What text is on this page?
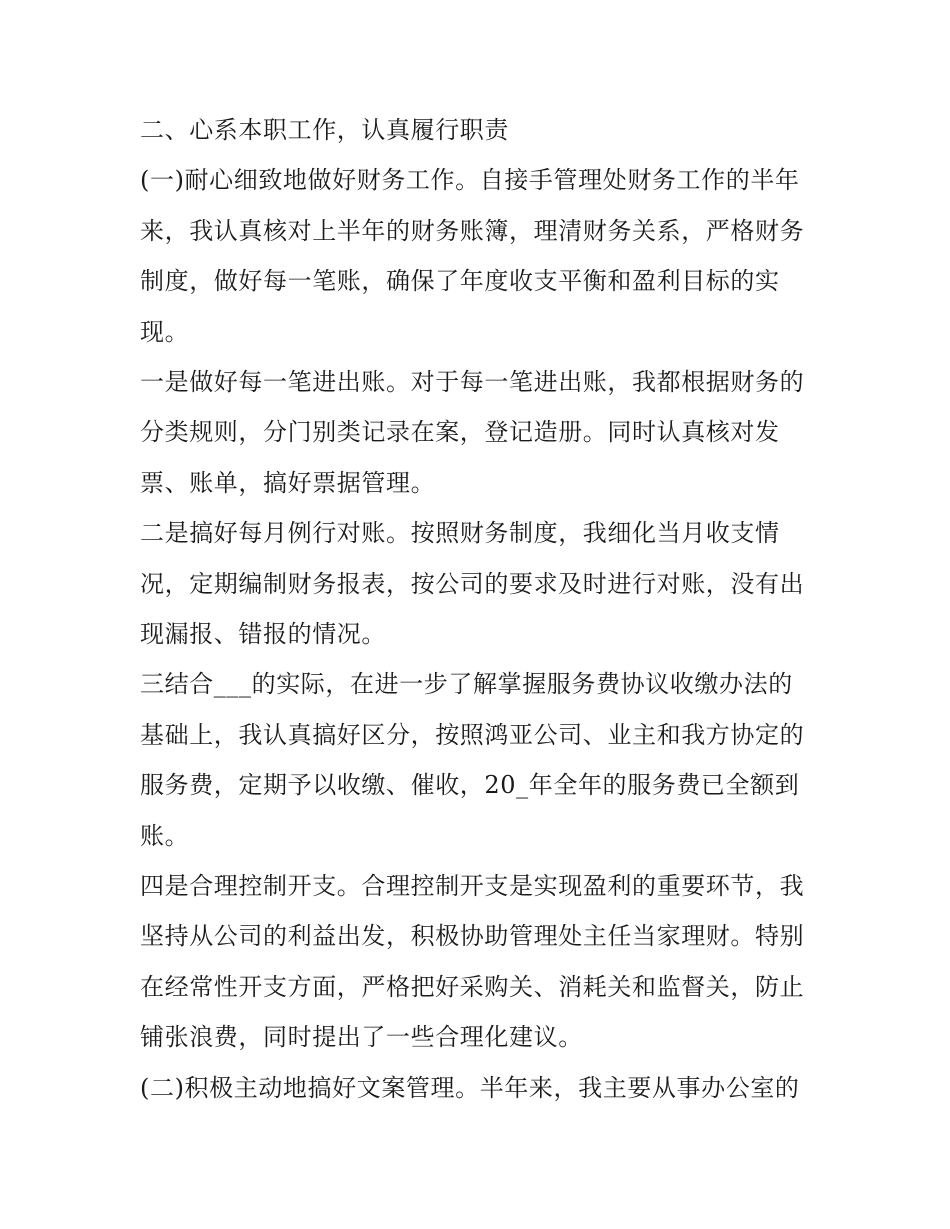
二、心系本职工作，认真履行职责
(一)耐心细致地做好财务工作。自接手管理处财务工作的半年
来，我认真核对上半年的财务账簿，理清财务关系，严格财务
制度，做好每一笔账，确保了年度收支平衡和盈利目标的实
现。
一是做好每一笔进出账。对于每一笔进出账，我都根据财务的
分类规则，分门别类记录在案，登记造册。同时认真核对发
票、账单，搞好票据管理。
二是搞好每月例行对账。按照财务制度，我细化当月收支情
况，定期编制财务报表，按公司的要求及时进行对账，没有出
现漏报、错报的情况。
三结合___的实际，在进一步了解掌握服务费协议收缴办法的
基础上，我认真搞好区分，按照鸿亚公司、业主和我方协定的
服务费，定期予以收缴、催收，20_年全年的服务费已全额到
账。
四是合理控制开支。合理控制开支是实现盈利的重要环节，我
坚持从公司的利益出发，积极协助管理处主任当家理财。特别
在经常性开支方面，严格把好采购关、消耗关和监督关，防止
铺张浪费，同时提出了一些合理化建议。
(二)积极主动地搞好文案管理。半年来，我主要从事办公室的
